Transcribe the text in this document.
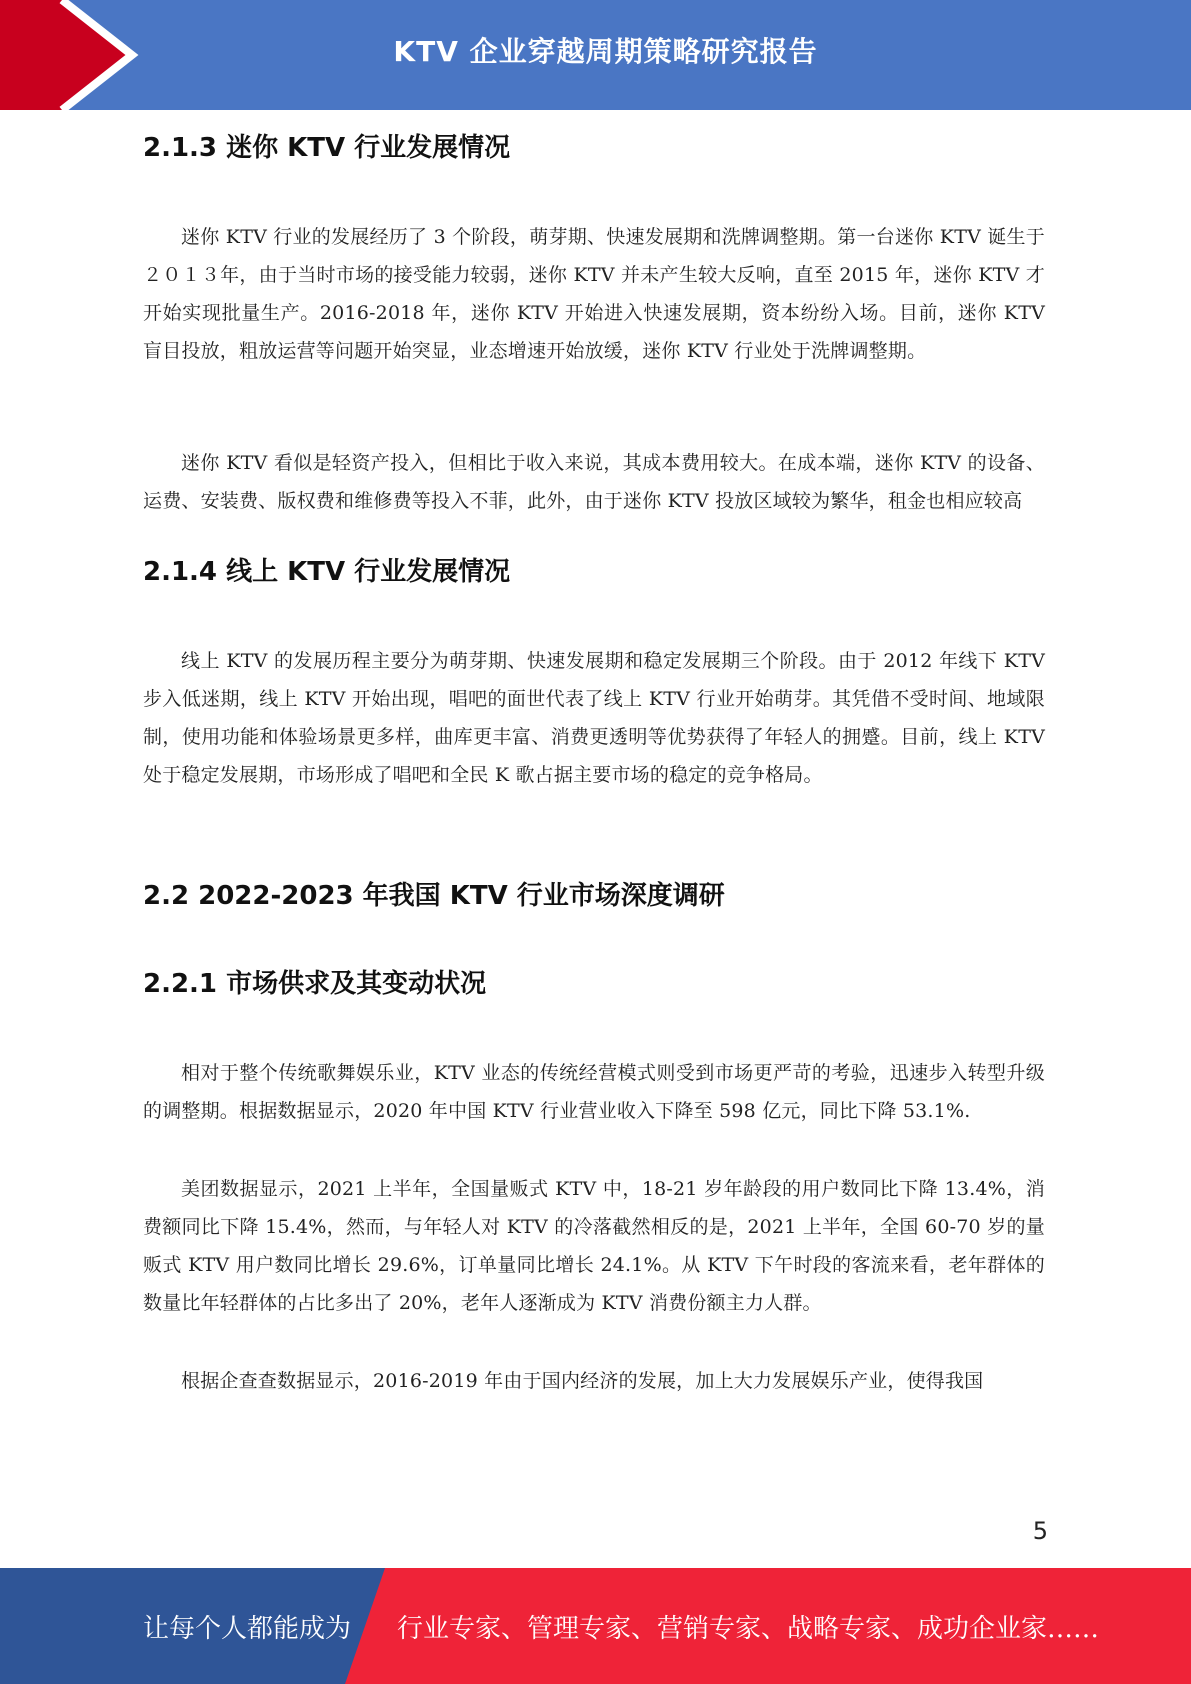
KTV 企业穿越周期策略研究报告
2.1.3 迷你 KTV 行业发展情况

迷你 KTV 行业的发展经历了 3 个阶段，萌芽期、快速发展期和洗牌调整期。第一台迷你 KTV 诞生于２０１３年，由于当时市场的接受能力较弱，迷你 KTV 并未产生较大反响，直至 2015 年，迷你 KTV 才开始实现批量生产。2016-2018 年，迷你 KTV 开始进入快速发展期，资本纷纷入场。目前，迷你 KTV 盲目投放，粗放运营等问题开始突显，业态增速开始放缓，迷你 KTV 行业处于洗牌调整期。

迷你 KTV 看似是轻资产投入，但相比于收入来说，其成本费用较大。在成本端，迷你 KTV 的设备、运费、安装费、版权费和维修费等投入不菲，此外，由于迷你 KTV 投放区域较为繁华，租金也相应较高

2.1.4 线上 KTV 行业发展情况

线上 KTV 的发展历程主要分为萌芽期、快速发展期和稳定发展期三个阶段。由于 2012 年线下 KTV 步入低迷期，线上 KTV 开始出现，唱吧的面世代表了线上 KTV 行业开始萌芽。其凭借不受时间、地域限制，使用功能和体验场景更多样，曲库更丰富、消费更透明等优势获得了年轻人的拥蹙。目前，线上 KTV 处于稳定发展期，市场形成了唱吧和全民 K 歌占据主要市场的稳定的竞争格局。

2.2 2022-2023 年我国 KTV 行业市场深度调研
2.2.1 市场供求及其变动状况

相对于整个传统歌舞娱乐业，KTV 业态的传统经营模式则受到市场更严苛的考验，迅速步入转型升级的调整期。根据数据显示，2020 年中国 KTV 行业营业收入下降至 598 亿元，同比下降 53.1%.

美团数据显示，2021 上半年，全国量贩式 KTV 中，18-21 岁年龄段的用户数同比下降 13.4%，消费额同比下降 15.4%，然而，与年轻人对 KTV 的冷落截然相反的是，2021 上半年，全国 60-70 岁的量贩式 KTV 用户数同比增长 29.6%，订单量同比增长 24.1%。从 KTV 下午时段的客流来看，老年群体的数量比年轻群体的占比多出了 20%，老年人逐渐成为 KTV 消费份额主力人群。

根据企查查数据显示，2016-2019 年由于国内经济的发展，加上大力发展娱乐产业，使得我国

5
让每个人都能成为 行业专家、管理专家、营销专家、战略专家、成功企业家……
